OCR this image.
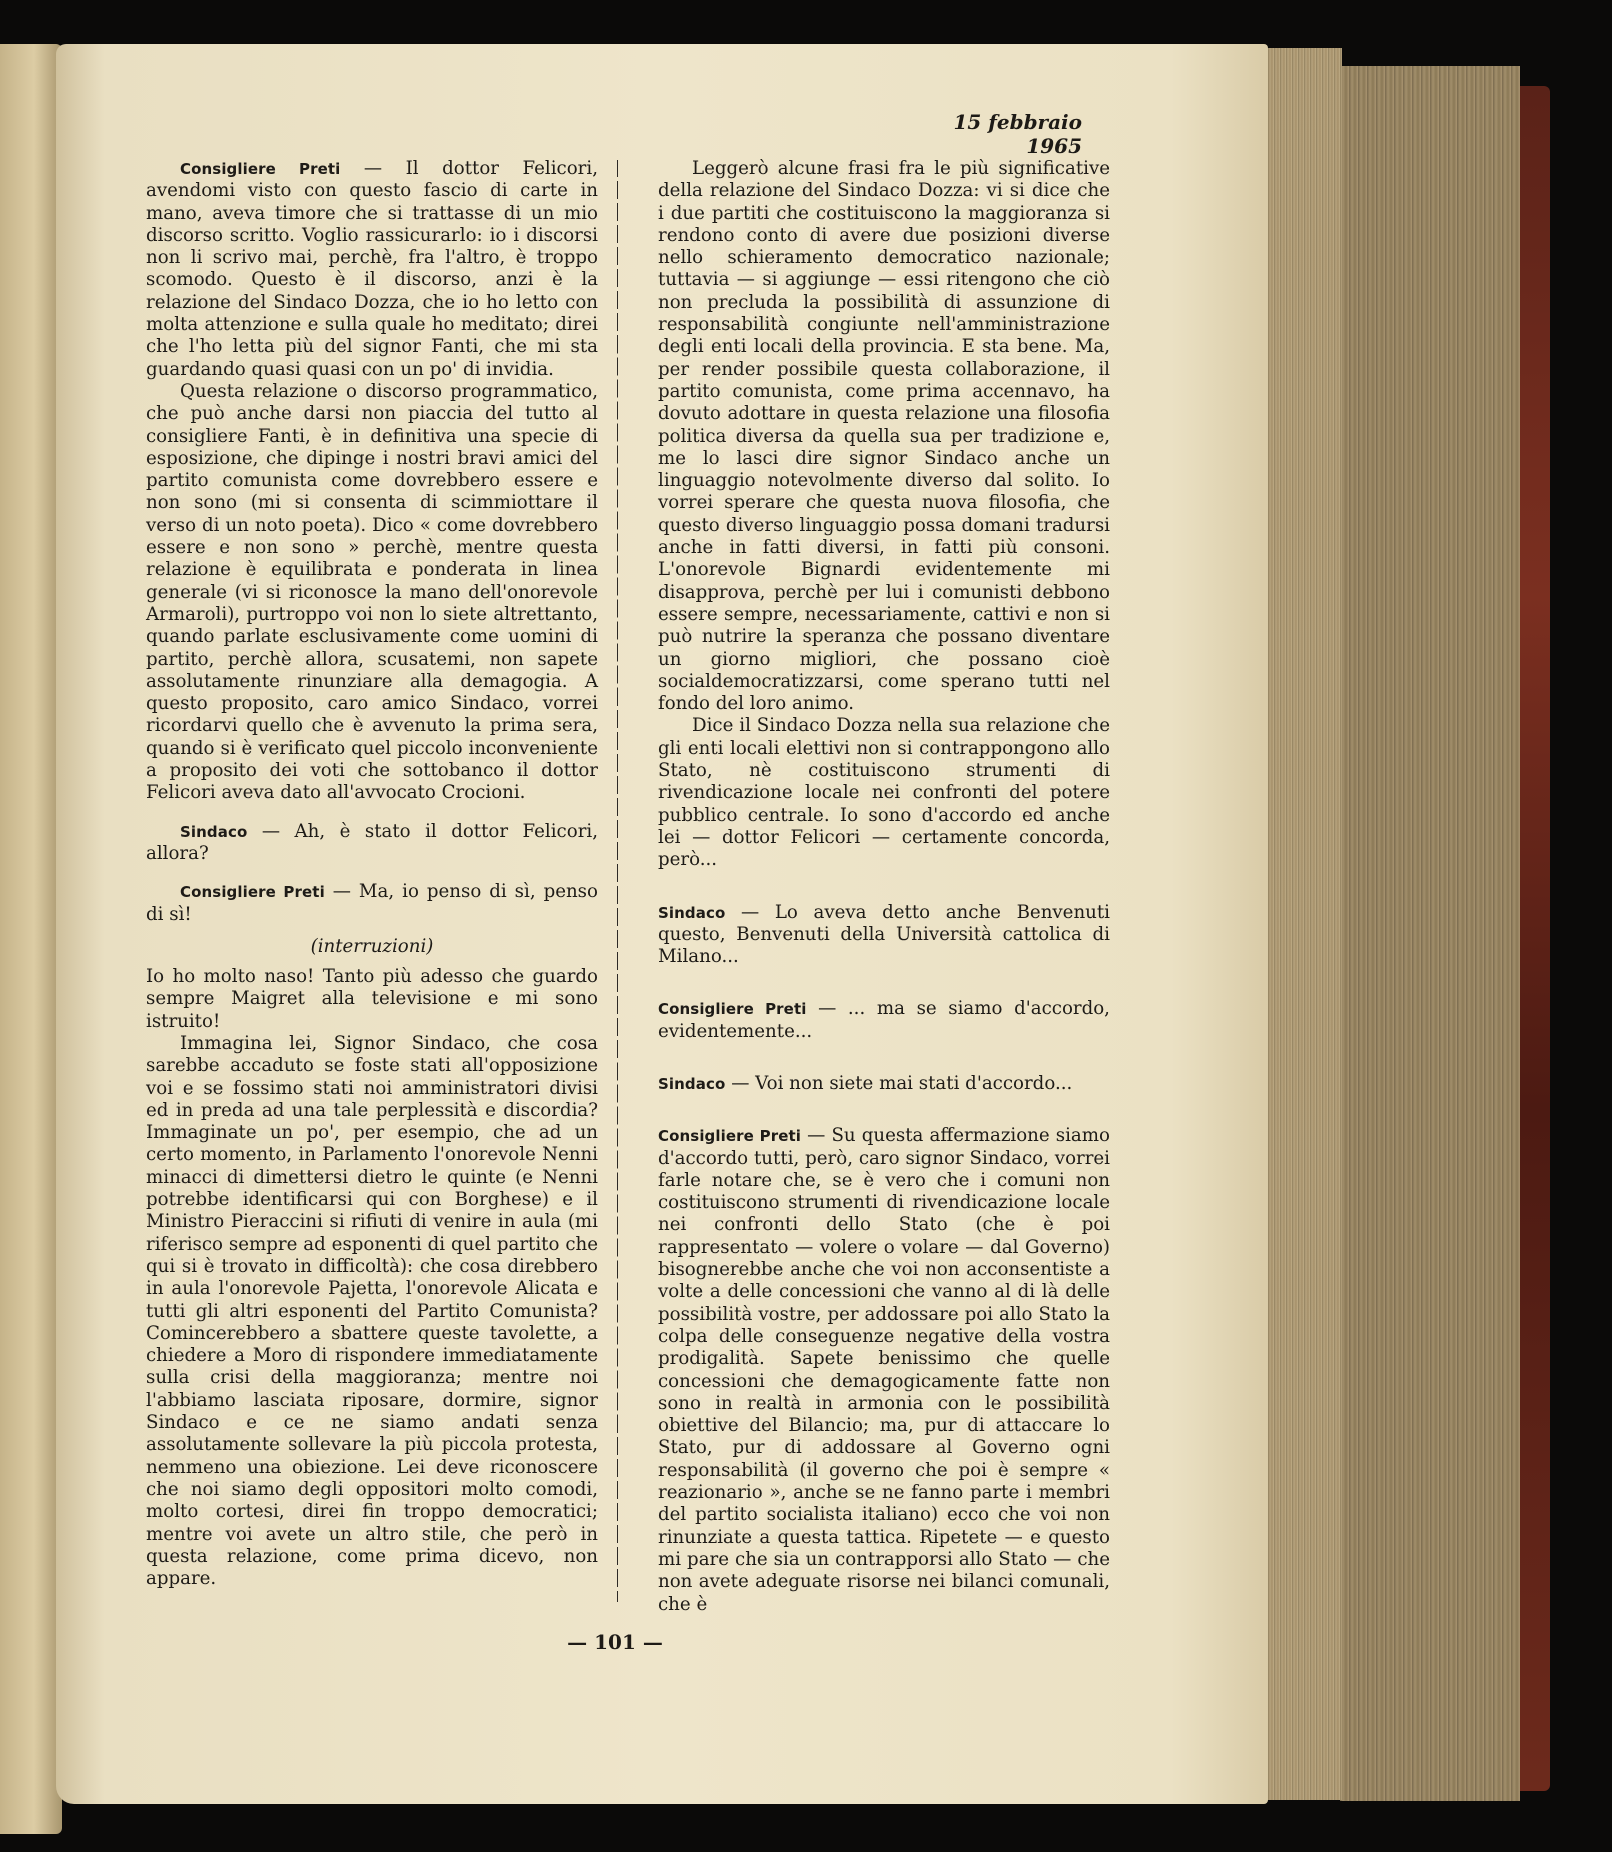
15 febbraio 1965

Consigliere Preti — Il dottor Felicori, avendomi visto con questo fascio di carte in mano, aveva timore che si trattasse di un mio discorso scritto. Voglio rassicurarlo: io i discorsi non li scrivo mai, perchè, fra l'altro, è troppo scomodo. Questo è il discorso, anzi è la relazione del Sindaco Dozza, che io ho letto con molta attenzione e sulla quale ho meditato; direi che l'ho letta più del signor Fanti, che mi sta guardando quasi quasi con un po' di invidia.

Questa relazione o discorso programmatico, che può anche darsi non piaccia del tutto al consigliere Fanti, è in definitiva una specie di esposizione, che dipinge i nostri bravi amici del partito comunista come dovrebbero essere e non sono (mi si consenta di scimmiottare il verso di un noto poeta). Dico « come dovrebbero essere e non sono » perchè, mentre questa relazione è equilibrata e ponderata in linea generale (vi si riconosce la mano dell'onorevole Armaroli), purtroppo voi non lo siete altrettanto, quando parlate esclusivamente come uomini di partito, perchè allora, scusatemi, non sapete assolutamente rinunziare alla demagogia. A questo proposito, caro amico Sindaco, vorrei ricordarvi quello che è avvenuto la prima sera, quando si è verificato quel piccolo inconveniente a proposito dei voti che sottobanco il dottor Felicori aveva dato all'avvocato Crocioni.

Sindaco — Ah, è stato il dottor Felicori, allora?

Consigliere Preti — Ma, io penso di sì, penso di sì!

(interruzioni)

Io ho molto naso! Tanto più adesso che guardo sempre Maigret alla televisione e mi sono istruito!

Immagina lei, Signor Sindaco, che cosa sarebbe accaduto se foste stati all'opposizione voi e se fossimo stati noi amministratori divisi ed in preda ad una tale perplessità e discordia? Immaginate un po', per esempio, che ad un certo momento, in Parlamento l'onorevole Nenni minacci di dimettersi dietro le quinte (e Nenni potrebbe identificarsi qui con Borghese) e il Ministro Pieraccini si rifiuti di venire in aula (mi riferisco sempre ad esponenti di quel partito che qui si è trovato in difficoltà): che cosa direbbero in aula l'onorevole Pajetta, l'onorevole Alicata e tutti gli altri esponenti del Partito Comunista? Comincerebbero a sbattere queste tavolette, a chiedere a Moro di rispondere immediatamente sulla crisi della maggioranza; mentre noi l'abbiamo lasciata riposare, dormire, signor Sindaco e ce ne siamo andati senza assolutamente sollevare la più piccola protesta, nemmeno una obiezione. Lei deve riconoscere che noi siamo degli oppositori molto comodi, molto cortesi, direi fin troppo democratici; mentre voi avete un altro stile, che però in questa relazione, come prima dicevo, non appare.

Leggerò alcune frasi fra le più significative della relazione del Sindaco Dozza: vi si dice che i due partiti che costituiscono la maggioranza si rendono conto di avere due posizioni diverse nello schieramento democratico nazionale; tuttavia — si aggiunge — essi ritengono che ciò non precluda la possibilità di assunzione di responsabilità congiunte nell'amministrazione degli enti locali della provincia. E sta bene. Ma, per render possibile questa collaborazione, il partito comunista, come prima accennavo, ha dovuto adottare in questa relazione una filosofia politica diversa da quella sua per tradizione e, me lo lasci dire signor Sindaco anche un linguaggio notevolmente diverso dal solito. Io vorrei sperare che questa nuova filosofia, che questo diverso linguaggio possa domani tradursi anche in fatti diversi, in fatti più consoni. L'onorevole Bignardi evidentemente mi disapprova, perchè per lui i comunisti debbono essere sempre, necessariamente, cattivi e non si può nutrire la speranza che possano diventare un giorno migliori, che possano cioè socialdemocratizzarsi, come sperano tutti nel fondo del loro animo.

Dice il Sindaco Dozza nella sua relazione che gli enti locali elettivi non si contrappongono allo Stato, nè costituiscono strumenti di rivendicazione locale nei confronti del potere pubblico centrale. Io sono d'accordo ed anche lei — dottor Felicori — certamente concorda, però...

Sindaco — Lo aveva detto anche Benvenuti questo, Benvenuti della Università cattolica di Milano...

Consigliere Preti — ... ma se siamo d'accordo, evidentemente...

Sindaco — Voi non siete mai stati d'accordo...

Consigliere Preti — Su questa affermazione siamo d'accordo tutti, però, caro signor Sindaco, vorrei farle notare che, se è vero che i comuni non costituiscono strumenti di rivendicazione locale nei confronti dello Stato (che è poi rappresentato — volere o volare — dal Governo) bisognerebbe anche che voi non acconsentiste a volte a delle concessioni che vanno al di là delle possibilità vostre, per addossare poi allo Stato la colpa delle conseguenze negative della vostra prodigalità. Sapete benissimo che quelle concessioni che demagogicamente fatte non sono in realtà in armonia con le possibilità obiettive del Bilancio; ma, pur di attaccare lo Stato, pur di addossare al Governo ogni responsabilità (il governo che poi è sempre « reazionario », anche se ne fanno parte i membri del partito socialista italiano) ecco che voi non rinunziate a questa tattica. Ripetete — e questo mi pare che sia un contrapporsi allo Stato — che non avete adeguate risorse nei bilanci comunali, che è

— 101 —
